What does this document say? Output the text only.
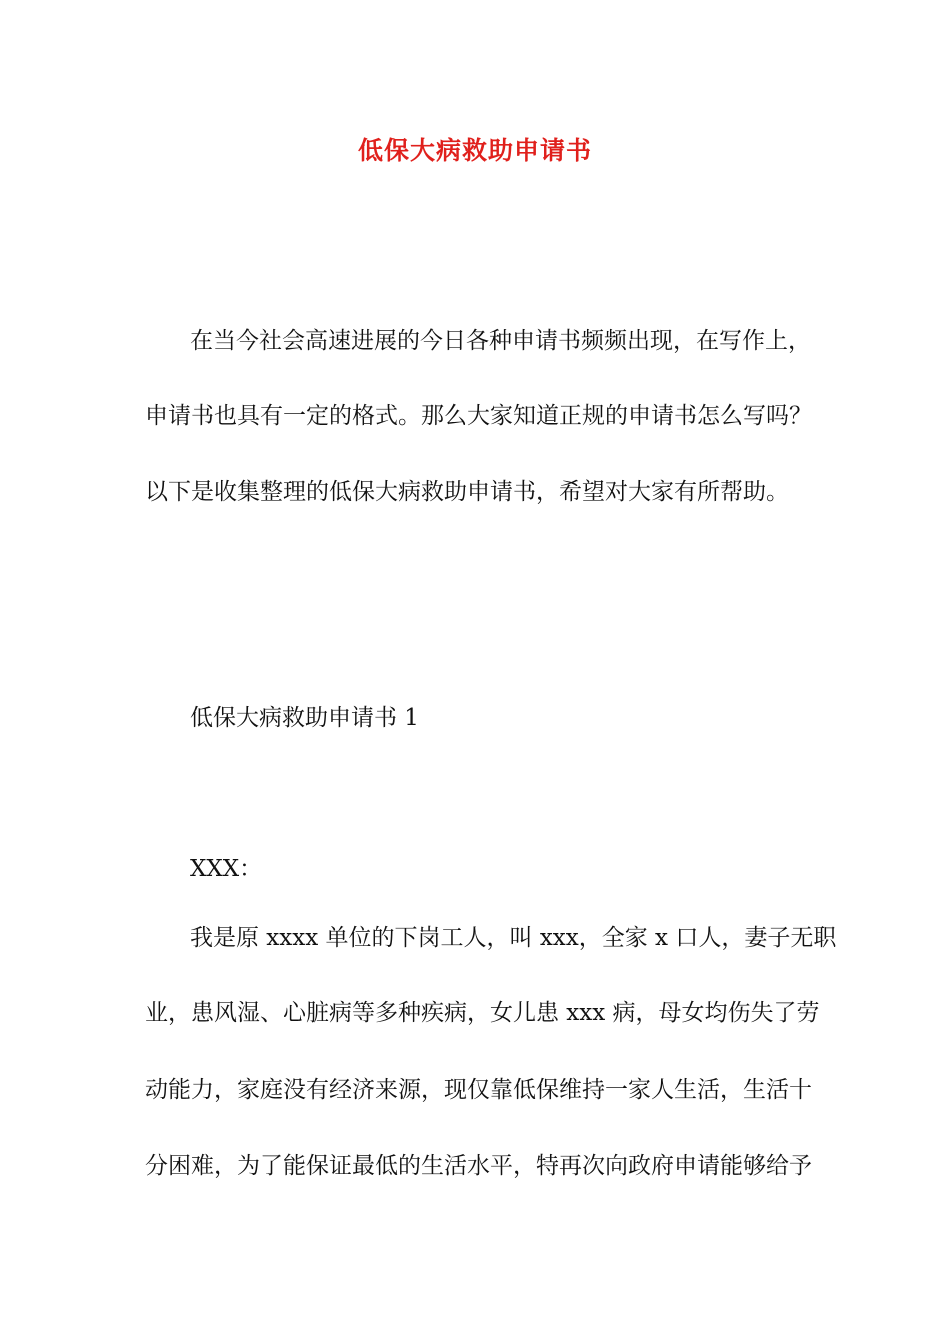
低保大病救助申请书

在当今社会高速进展的今日各种申请书频频出现，在写作上，

申请书也具有一定的格式。那么大家知道正规的申请书怎么写吗？

以下是收集整理的低保大病救助申请书，希望对大家有所帮助。

低保大病救助申请书 1

XXX：

我是原 xxxx 单位的下岗工人，叫 xxx，全家 x 口人，妻子无职

业，患风湿、心脏病等多种疾病，女儿患 xxx 病，母女均伤失了劳

动能力，家庭没有经济来源，现仅靠低保维持一家人生活，生活十

分困难，为了能保证最低的生活水平，特再次向政府申请能够给予
